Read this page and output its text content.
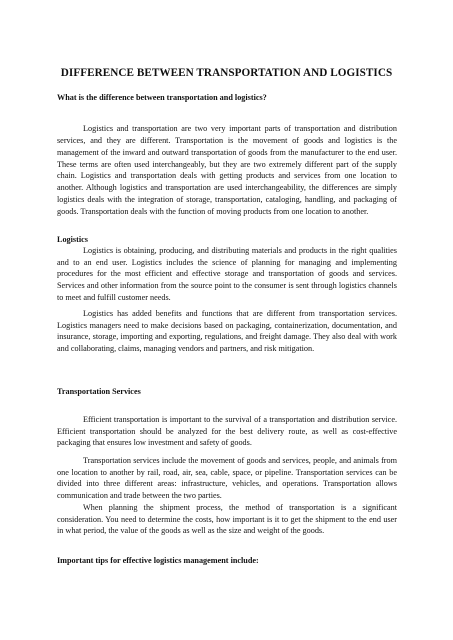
DIFFERENCE BETWEEN TRANSPORTATION AND LOGISTICS

What is the difference between transportation and logistics?

Logistics and transportation are two very important parts of transportation and distribution services, and they are different. Transportation is the movement of goods and logistics is the management of the inward and outward transportation of goods from the manufacturer to the end user. These terms are often used interchangeably, but they are two extremely different part of the supply chain. Logistics and transportation deals with getting products and services from one location to another. Although logistics and transportation are used interchangeability, the differences are simply logistics deals with the integration of storage, transportation, cataloging, handling, and packaging of goods. Transportation deals with the function of moving products from one location to another.

Logistics

Logistics is obtaining, producing, and distributing materials and products in the right qualities and to an end user. Logistics includes the science of planning for managing and implementing procedures for the most efficient and effective storage and transportation of goods and services. Services and other information from the source point to the consumer is sent through logistics channels to meet and fulfill customer needs.

Logistics has added benefits and functions that are different from transportation services. Logistics managers need to make decisions based on packaging, containerization, documentation, and insurance, storage, importing and exporting, regulations, and freight damage. They also deal with work and collaborating, claims, managing vendors and partners, and risk mitigation.

Transportation Services

Efficient transportation is important to the survival of a transportation and distribution service. Efficient transportation should be analyzed for the best delivery route, as well as cost-effective packaging that ensures low investment and safety of goods.

Transportation services include the movement of goods and services, people, and animals from one location to another by rail, road, air, sea, cable, space, or pipeline. Transportation services can be divided into three different areas: infrastructure, vehicles, and operations. Transportation allows communication and trade between the two parties.

When planning the shipment process, the method of transportation is a significant consideration. You need to determine the costs, how important is it to get the shipment to the end user in what period, the value of the goods as well as the size and weight of the goods.

Important tips for effective logistics management include:
